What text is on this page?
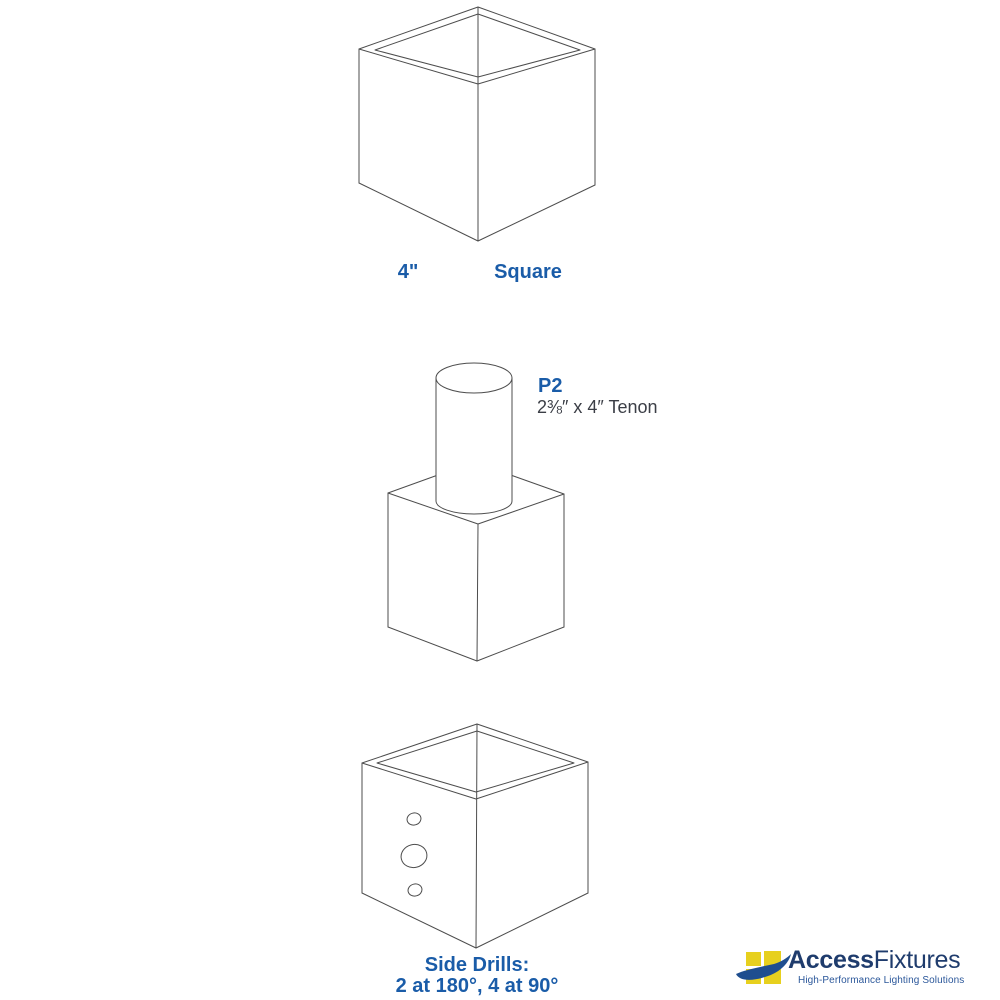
4"	Square
P2
2⅜″ x 4″ Tenon
Side Drills:
2 at 180°, 4 at 90°
AccessFixtures
High-Performance Lighting Solutions
